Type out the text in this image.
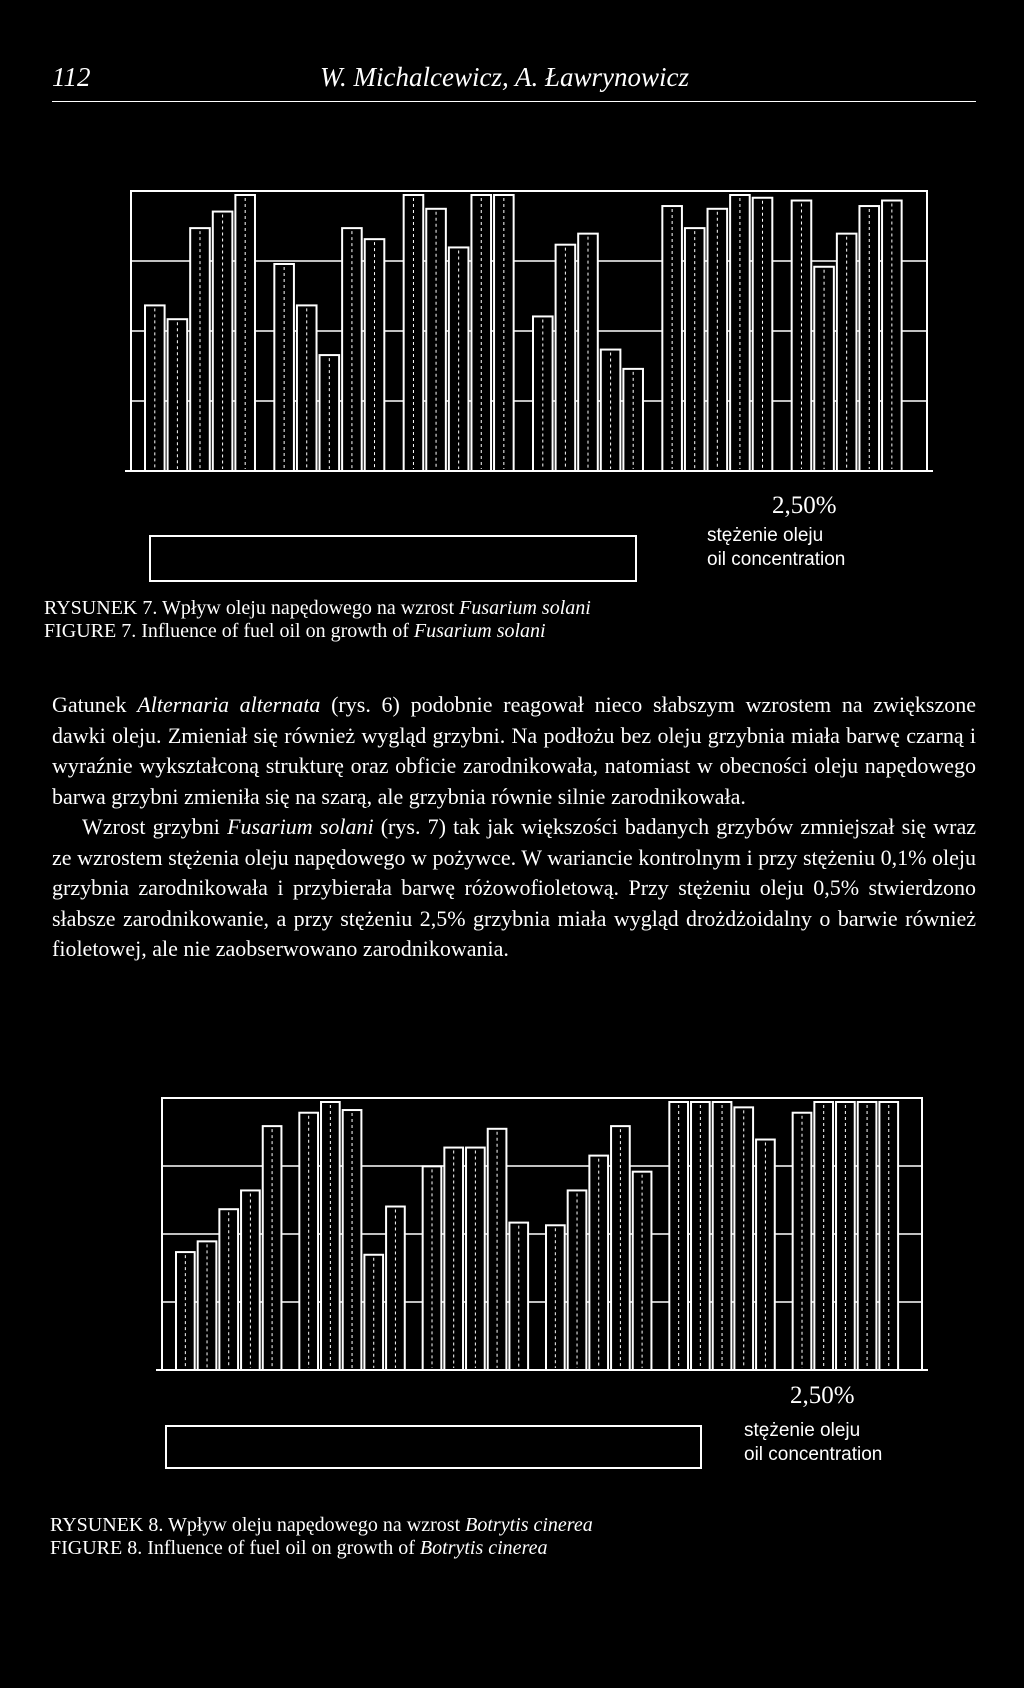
112	W. Michalcewicz, A. Ławrynowicz
2,50%
stężenie oleju
oil concentration
RYSUNEK 7. Wpływ oleju napędowego na wzrost Fusarium solani
FIGURE 7. Influence of fuel oil on growth of Fusarium solani

Gatunek Alternaria alternata (rys. 6) podobnie reagował nieco słabszym wzrostem na zwiększone dawki oleju. Zmieniał się również wygląd grzybni. Na podłożu bez oleju grzybnia miała barwę czarną i wyraźnie wykształconą strukturę oraz obficie zarodnikowała, natomiast w obecności oleju napędowego barwa grzybni zmieniła się na szarą, ale grzybnia równie silnie zarodnikowała.

Wzrost grzybni Fusarium solani (rys. 7) tak jak większości badanych grzybów zmniejszał się wraz ze wzrostem stężenia oleju napędowego w pożywce. W wariancie kontrolnym i przy stężeniu 0,1% oleju grzybnia zarodnikowała i przybierała barwę różowofioletową. Przy stężeniu oleju 0,5% stwierdzono słabsze zarodnikowanie, a przy stężeniu 2,5% grzybnia miała wygląd drożdżoidalny o barwie również fioletowej, ale nie zaobserwowano zarodnikowania.

2,50%
stężenie oleju
oil concentration
RYSUNEK 8. Wpływ oleju napędowego na wzrost Botrytis cinerea
FIGURE 8. Influence of fuel oil on growth of Botrytis cinerea
